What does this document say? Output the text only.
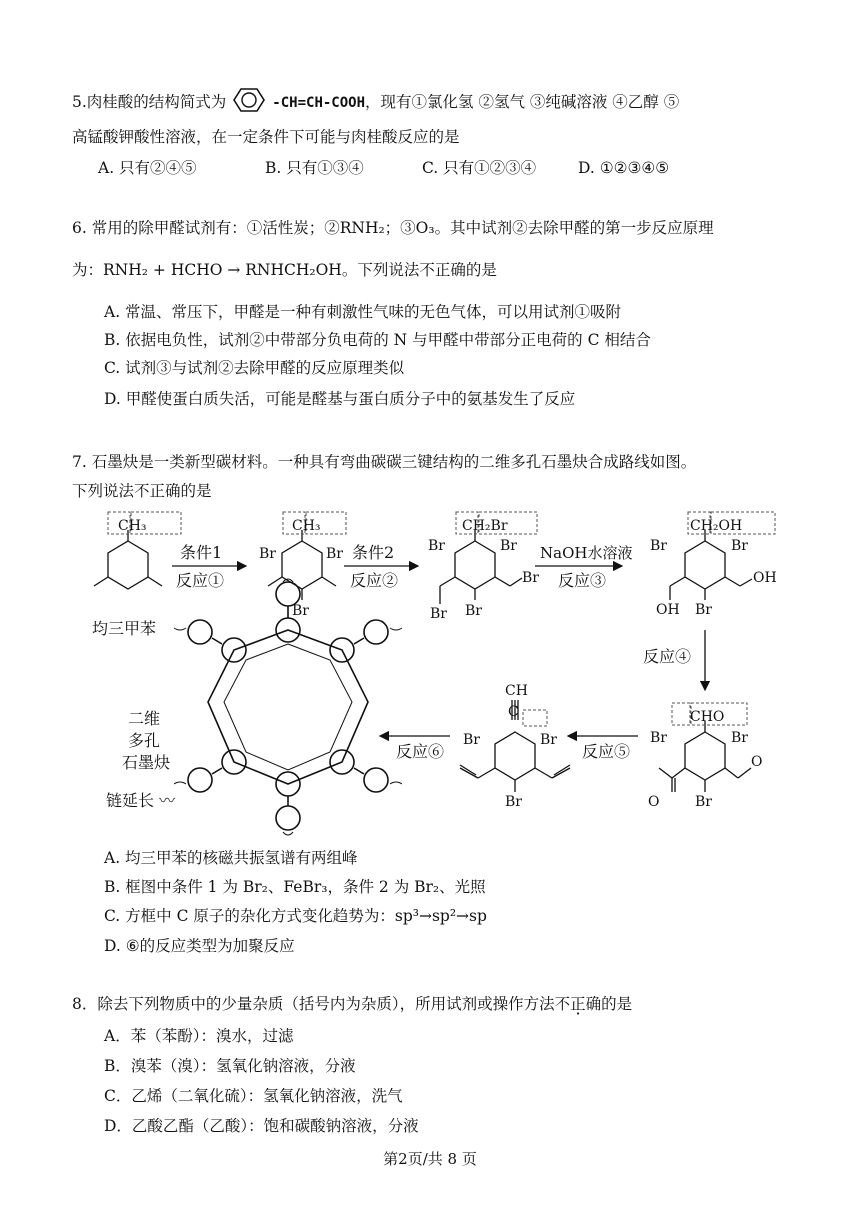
5.肉桂酸的结构简式为	-CH=CH-COOH，现有①氯化氢 ②氢气 ③纯碱溶液 ④乙醇 ⑤
高锰酸钾酸性溶液，在一定条件下可能与肉桂酸反应的是
A. 只有②④⑤	B. 只有①③④	C. 只有①②③④	D. ①②③④⑤
6. 常用的除甲醛试剂有：①活性炭；②RNH₂；③O₃。其中试剂②去除甲醛的第一步反应原理
为：RNH₂ + HCHO → RNHCH₂OH。下列说法不正确的是
A. 常温、常压下，甲醛是一种有刺激性气味的无色气体，可以用试剂①吸附
B. 依据电负性，试剂②中带部分负电荷的 N 与甲醛中带部分正电荷的 C 相结合
C. 试剂③与试剂②去除甲醛的反应原理类似
D. 甲醛使蛋白质失活，可能是醛基与蛋白质分子中的氨基发生了反应
7. 石墨炔是一类新型碳材料。一种具有弯曲碳碳三键结构的二维多孔石墨炔合成路线如图。
下列说法不正确的是
CH₃
均三甲苯
条件1
反应①
CH₃
Br	Br
Br
条件2
反应②
CH₂Br
Br	Br
Br
Br
Br
NaOH水溶液
反应③
CH₂OH
Br	Br
OH Br
OH
反应④
CHO
Br	Br
O	Br
O
反应⑤
CH
C
Br	Br
Br
反应⑥
二维
多孔
石墨炔
链延长 〰
A. 均三甲苯的核磁共振氢谱有两组峰
B. 框图中条件 1 为 Br₂、FeBr₃，条件 2 为 Br₂、光照
C. 方框中 C 原子的杂化方式变化趋势为：sp³→sp²→sp
D. ⑥的反应类型为加聚反应
8．除去下列物质中的少量杂质（括号内为杂质），所用试剂或操作方法不正确的是
A．苯（苯酚）：溴水，过滤
B．溴苯（溴）：氢氧化钠溶液，分液
C．乙烯（二氧化硫）：氢氧化钠溶液，洗气
D．乙酸乙酯（乙酸）：饱和碳酸钠溶液，分液
第2页/共 8 页
